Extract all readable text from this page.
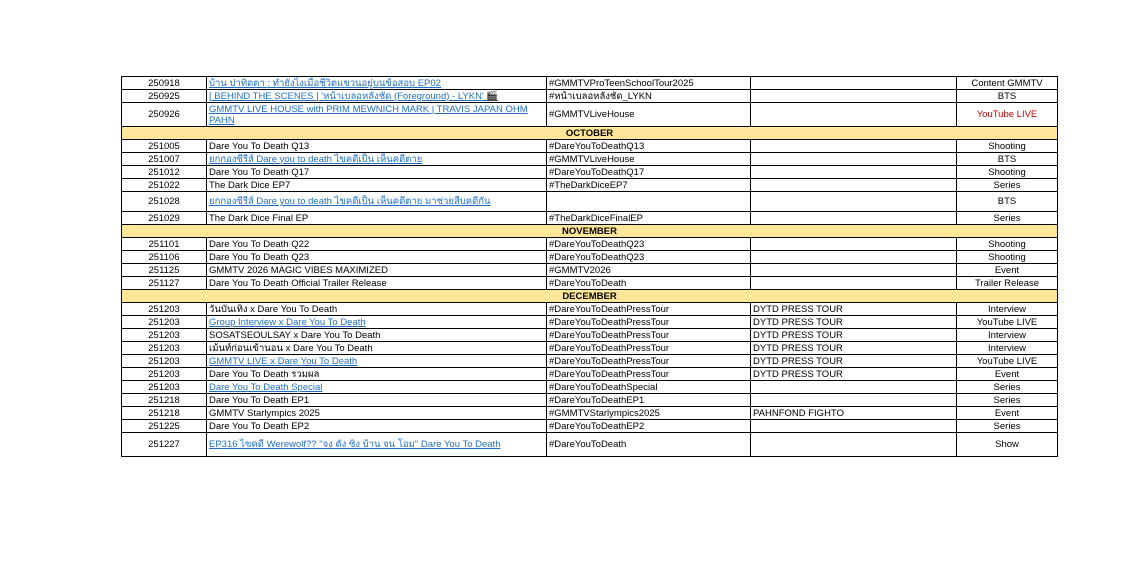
250918	บ้าน ปาทิดตา : ทำยังไงเมื่อชีวิตแขวนอยู่บนข้อสอบ EP02	#GMMTVProTeenSchoolTour2025		Content GMMTV
250925	[ BEHIND THE SCENES ] 'หน้าเบลอหลังชัด (Foreground) - LYKN' 🎬	#หน้าเบลอหลังชัด_LYKN		BTS
250926	GMMTV LIVE HOUSE with PRIM MEWNICH MARK | TRAVIS JAPAN OHM PAHN	#GMMTVLiveHouse		YouTube LIVE
OCTOBER				
251005	Dare You To Death Q13	#DareYouToDeathQ13		Shooting
251007	ยกกองซีรีส์ Dare you to death ไขคดีเป็น เห็นคดีตาย	#GMMTVLiveHouse		BTS
251012	Dare You To Death Q17	#DareYouToDeathQ17		Shooting
251022	The Dark Dice EP7	#TheDarkDiceEP7		Series
251028	ยกกองซีรีส์ Dare you to death ไขคดีเป็น เห็นคดีตาย มาช่วยสืบคดีกัน			BTS
251029	The Dark Dice Final EP	#TheDarkDiceFinalEP		Series
NOVEMBER				
251101	Dare You To Death Q22	#DareYouToDeathQ23		Shooting
251106	Dare You To Death Q23	#DareYouToDeathQ23		Shooting
251125	GMMTV 2026 MAGIC VIBES MAXIMIZED	#GMMTV2026		Event
251127	Dare You To Death Official Trailer Release	#DareYouToDeath		Trailer Release
DECEMBER				
251203	วันบันเทิง x Dare You To Death	#DareYouToDeathPressTour	DYTD PRESS TOUR	Interview
251203	Group Interview x Dare You To Death	#DareYouToDeathPressTour	DYTD PRESS TOUR	YouTube LIVE
251203	SOSATSEOULSAY x Dare You To Death	#DareYouToDeathPressTour	DYTD PRESS TOUR	Interview
251203	เม้นท์ก่อนเข้านอน x Dare You To Death	#DareYouToDeathPressTour	DYTD PRESS TOUR	Interview
251203	GMMTV LIVE x Dare You To Death	#DareYouToDeathPressTour	DYTD PRESS TOUR	YouTube LIVE
251203	Dare You To Death รวมผล	#DareYouToDeathPressTour	DYTD PRESS TOUR	Event
251203	Dare You To Death Special	#DareYouToDeathSpecial		Series
251218	Dare You To Death EP1	#DareYouToDeathEP1		Series
251218	GMMTV Starlympics 2025	#GMMTVStarlympics2025	PAHNFOND FIGHTO	Event
251225	Dare You To Death EP2	#DareYouToDeathEP2		Series
251227	EP316 ไขคดี Werewolf?? "จง ดัง ซิง บ้าน จน โอม" Dare You To Death	#DareYouToDeath		Show
